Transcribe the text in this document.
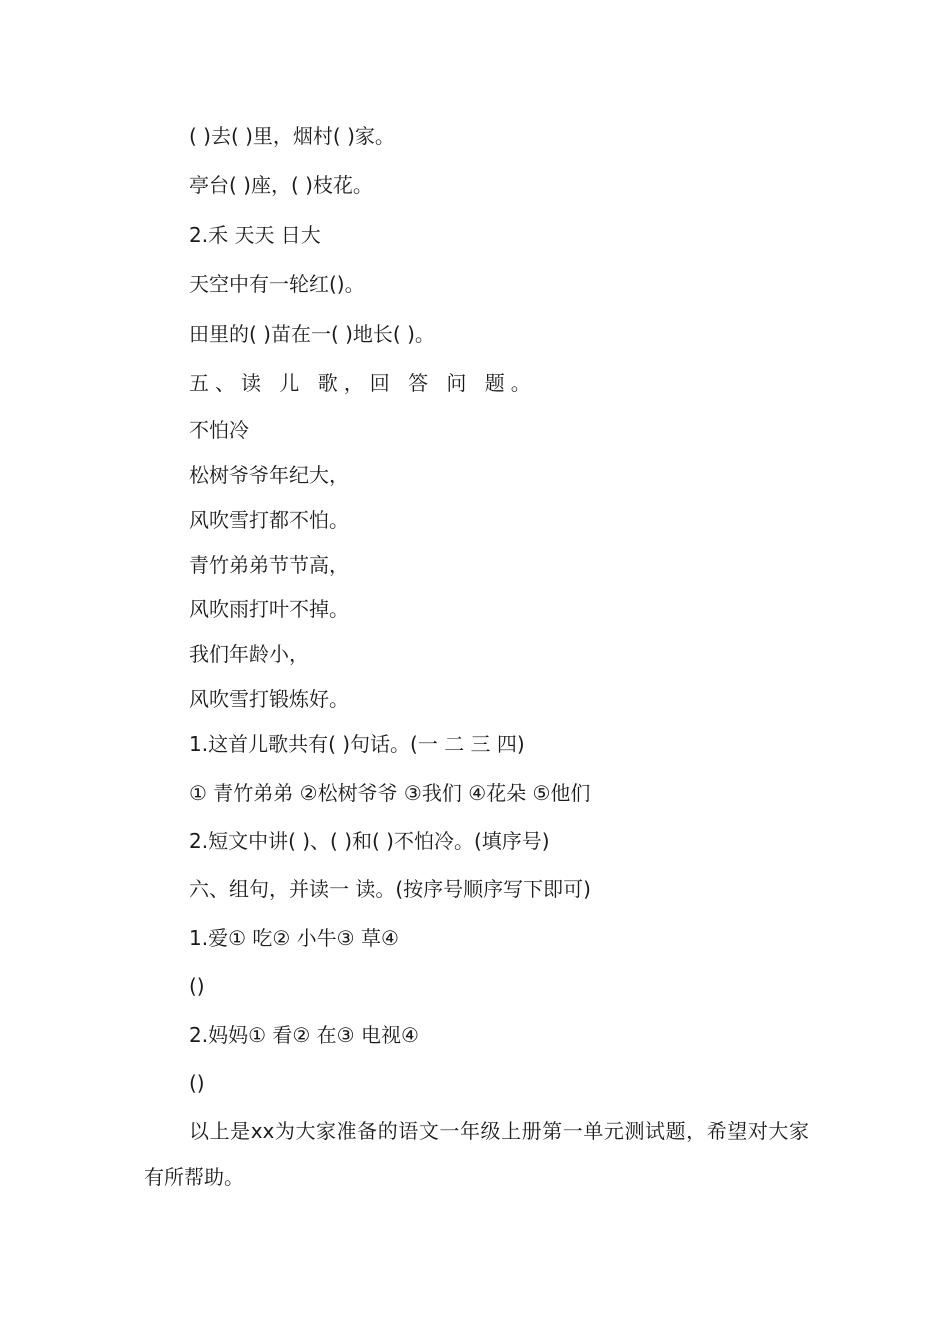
( )去( )里，烟村( )家。
亭台( )座，( )枝花。
2.禾 天天 日大
天空中有一轮红()。
田里的( )苗在一( )地长( )。
五、读 儿 歌，回 答 问 题。
不怕冷
松树爷爷年纪大，
风吹雪打都不怕。
青竹弟弟节节高，
风吹雨打叶不掉。
我们年龄小，
风吹雪打锻炼好。
1.这首儿歌共有( )句话。(一 二 三 四)
① 青竹弟弟 ②松树爷爷 ③我们 ④花朵 ⑤他们
2.短文中讲( )、( )和( )不怕冷。(填序号)
六、组句，并读一 读。(按序号顺序写下即可)
1.爱① 吃② 小牛③ 草④
()
2.妈妈① 看② 在③ 电视④
()
以上是xx为大家准备的语文一年级上册第一单元测试题，希望对大家有所帮助。
